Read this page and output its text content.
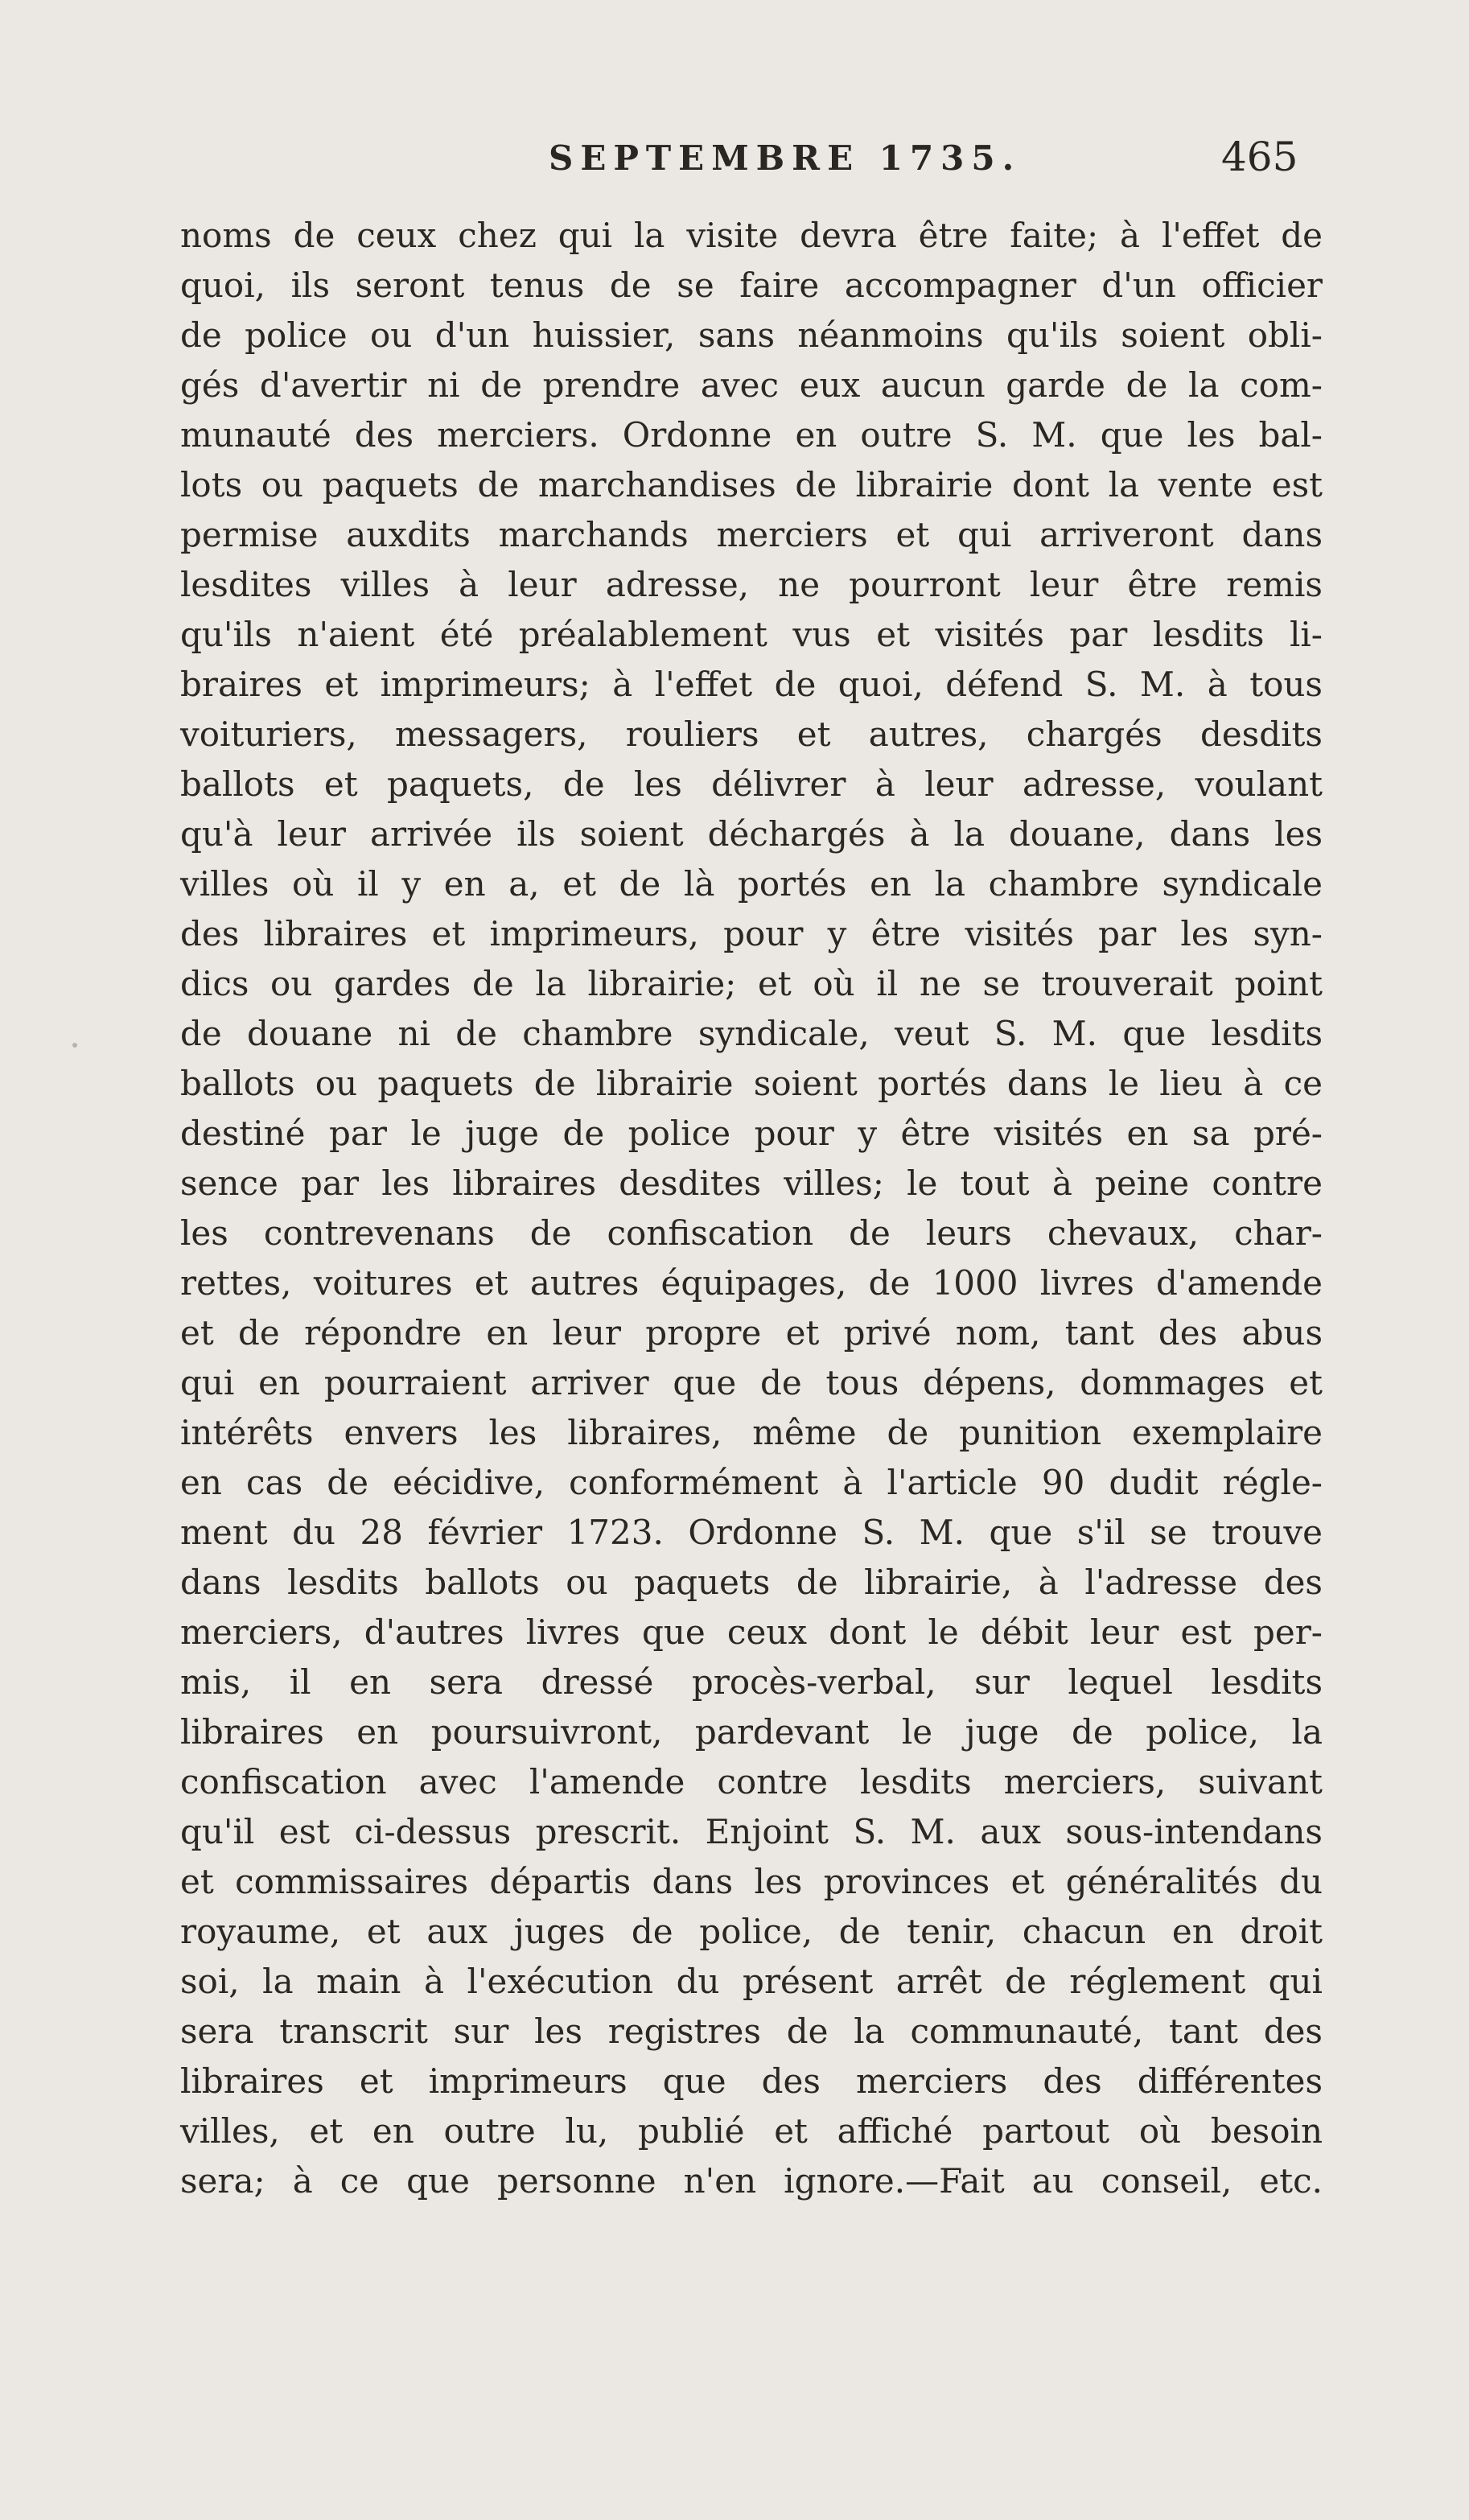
SEPTEMBRE 1735.	465
noms de ceux chez qui la visite devra être faite; à l'effet de
quoi, ils seront tenus de se faire accompagner d'un officier
de police ou d'un huissier, sans néanmoins qu'ils soient obli-
gés d'avertir ni de prendre avec eux aucun garde de la com-
munauté des merciers. Ordonne en outre S. M. que les bal-
lots ou paquets de marchandises de librairie dont la vente est
permise auxdits marchands merciers et qui arriveront dans
lesdites villes à leur adresse, ne pourront leur être remis
qu'ils n'aient été préalablement vus et visités par lesdits li-
braires et imprimeurs; à l'effet de quoi, défend S. M. à tous
voituriers, messagers, rouliers et autres, chargés desdits
ballots et paquets, de les délivrer à leur adresse, voulant
qu'à leur arrivée ils soient déchargés à la douane, dans les
villes où il y en a, et de là portés en la chambre syndicale
des libraires et imprimeurs, pour y être visités par les syn-
dics ou gardes de la librairie; et où il ne se trouverait point
de douane ni de chambre syndicale, veut S. M. que lesdits
ballots ou paquets de librairie soient portés dans le lieu à ce
destiné par le juge de police pour y être visités en sa pré-
sence par les libraires desdites villes; le tout à peine contre
les contrevenans de confiscation de leurs chevaux, char-
rettes, voitures et autres équipages, de 1000 livres d'amende
et de répondre en leur propre et privé nom, tant des abus
qui en pourraient arriver que de tous dépens, dommages et
intérêts envers les libraires, même de punition exemplaire
en cas de eécidive, conformément à l'article 90 dudit régle-
ment du 28 février 1723. Ordonne S. M. que s'il se trouve
dans lesdits ballots ou paquets de librairie, à l'adresse des
merciers, d'autres livres que ceux dont le débit leur est per-
mis, il en sera dressé procès-verbal, sur lequel lesdits
libraires en poursuivront, pardevant le juge de police, la
confiscation avec l'amende contre lesdits merciers, suivant
qu'il est ci-dessus prescrit. Enjoint S. M. aux sous-intendans
et commissaires départis dans les provinces et généralités du
royaume, et aux juges de police, de tenir, chacun en droit
soi, la main à l'exécution du présent arrêt de réglement qui
sera transcrit sur les registres de la communauté, tant des
libraires et imprimeurs que des merciers des différentes
villes, et en outre lu, publié et affiché partout où besoin
sera; à ce que personne n'en ignore.—Fait au conseil, etc.
